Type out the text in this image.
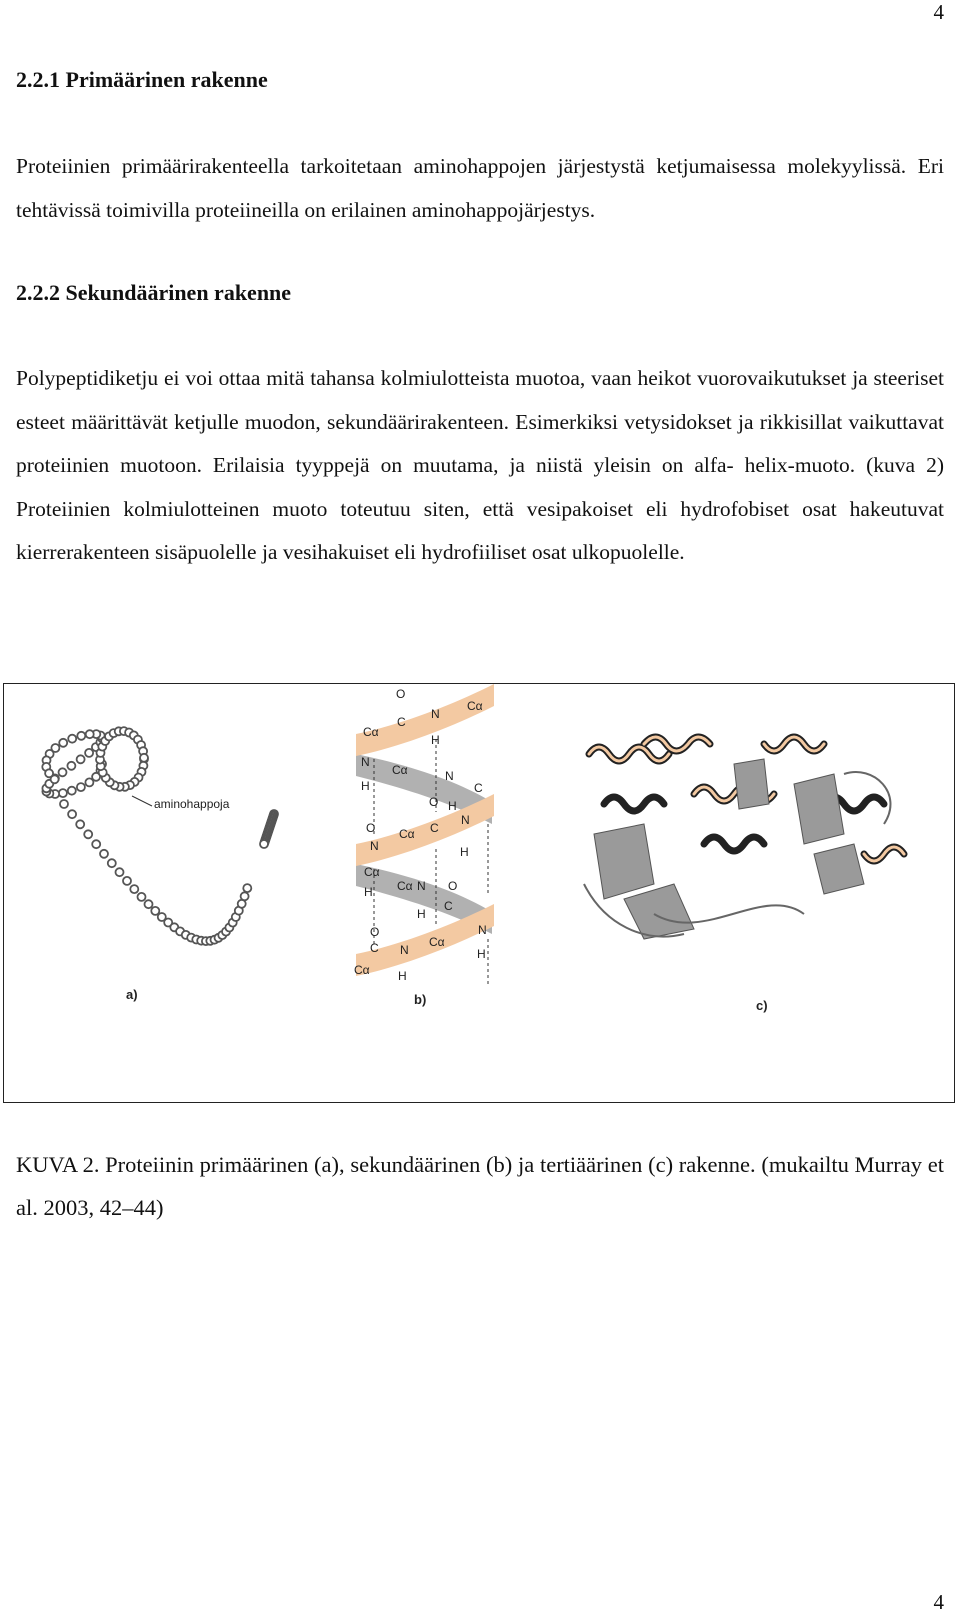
4
2.2.1 Primäärinen rakenne

Proteiinien primäärirakenteella tarkoitetaan aminohappojen järjestystä ketjumaisessa molekyylissä. Eri tehtävissä toimivilla proteiineilla on erilainen aminohappojärjestys.

2.2.2 Sekundäärinen rakenne

Polypeptidiketju ei voi ottaa mitä tahansa kolmiulotteista muotoa, vaan heikot vuorovaikutukset ja steeriset esteet määrittävät ketjulle muodon, sekundäärirakenteen. Esimerkiksi vetysidokset ja rikkisillat vaikuttavat proteiinien muotoon. Erilaisia tyyppejä on muutama, ja niistä yleisin on alfa- helix-muoto. (kuva 2) Proteiinien kolmiulotteinen muoto toteutuu siten, että vesipakoiset eli hydrofobiset osat hakeutuvat kierrerakenteen sisäpuolelle ja vesihakuiset eli hydrofiiliset osat ulkopuolelle.

aminohappoja
a)
O
C
N
Cα
Cα
H
N
Cα	N
C
H
O H
N
O
N
Cα C
H
Cα
H Cα N O
C
H
N
O
C N
Cα
H
Cα H
b)	c)

KUVA 2. Proteiinin primäärinen (a), sekundäärinen (b) ja tertiäärinen (c) rakenne. (mukailtu Murray et al. 2003, 42–44)

4
